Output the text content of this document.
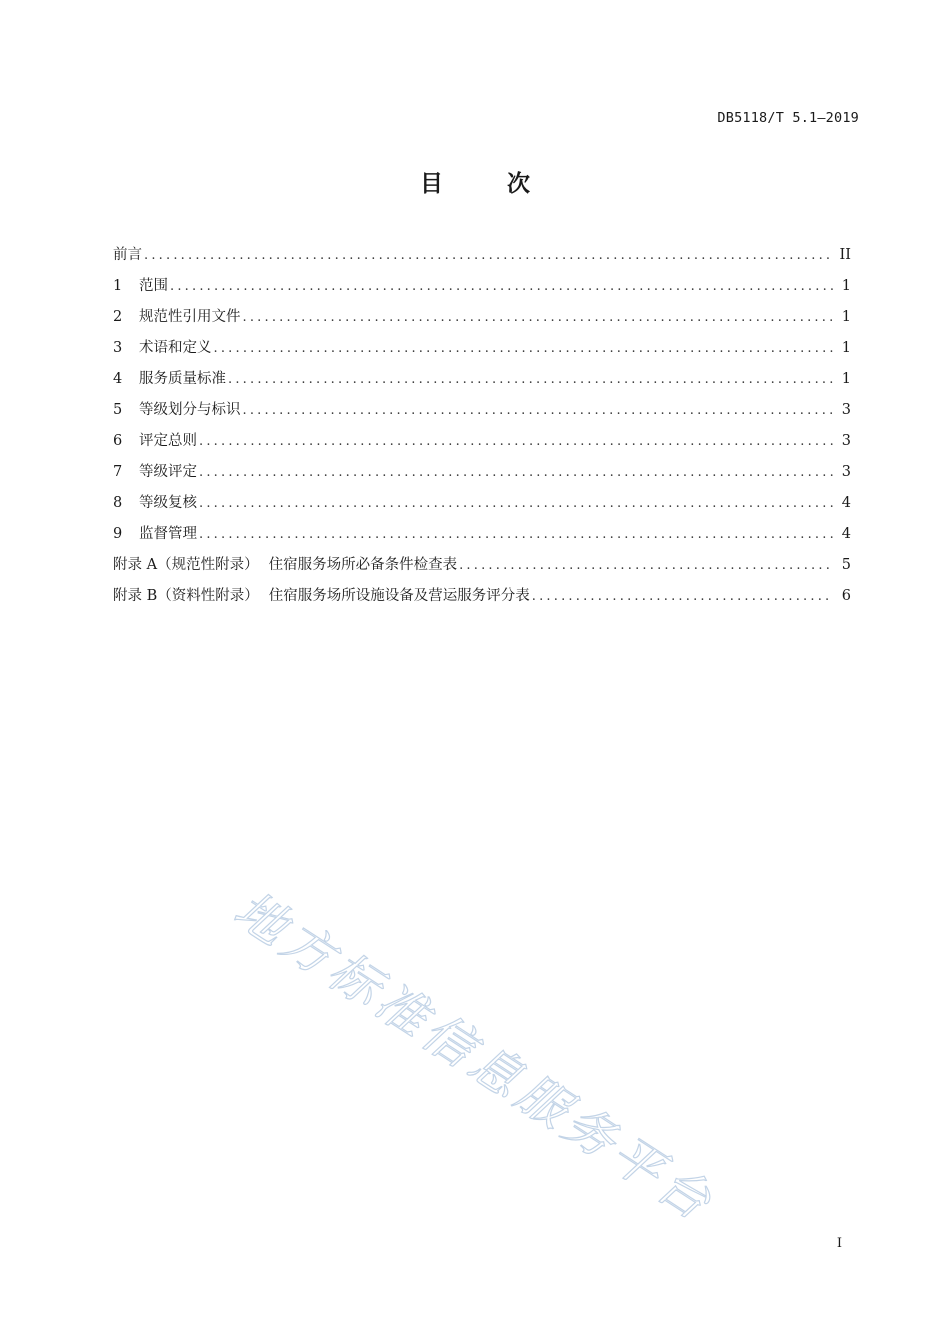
DB5118/T 5.1—2019
目 次
前言 .....	II
1	范围 .....	1
2	规范性引用文件 .....	1
3	术语和定义 .....	1
4	服务质量标准 .....	1
5	等级划分与标识 .....	3
6	评定总则 .....	3
7	等级评定 .....	3
8	等级复核 .....	4
9	监督管理 .....	4
附录 A（规范性附录） 住宿服务场所必备条件检查表 .....	5
附录 B（资料性附录） 住宿服务场所设施设备及营运服务评分表 .....	6
地方标准信息服务平台
I
